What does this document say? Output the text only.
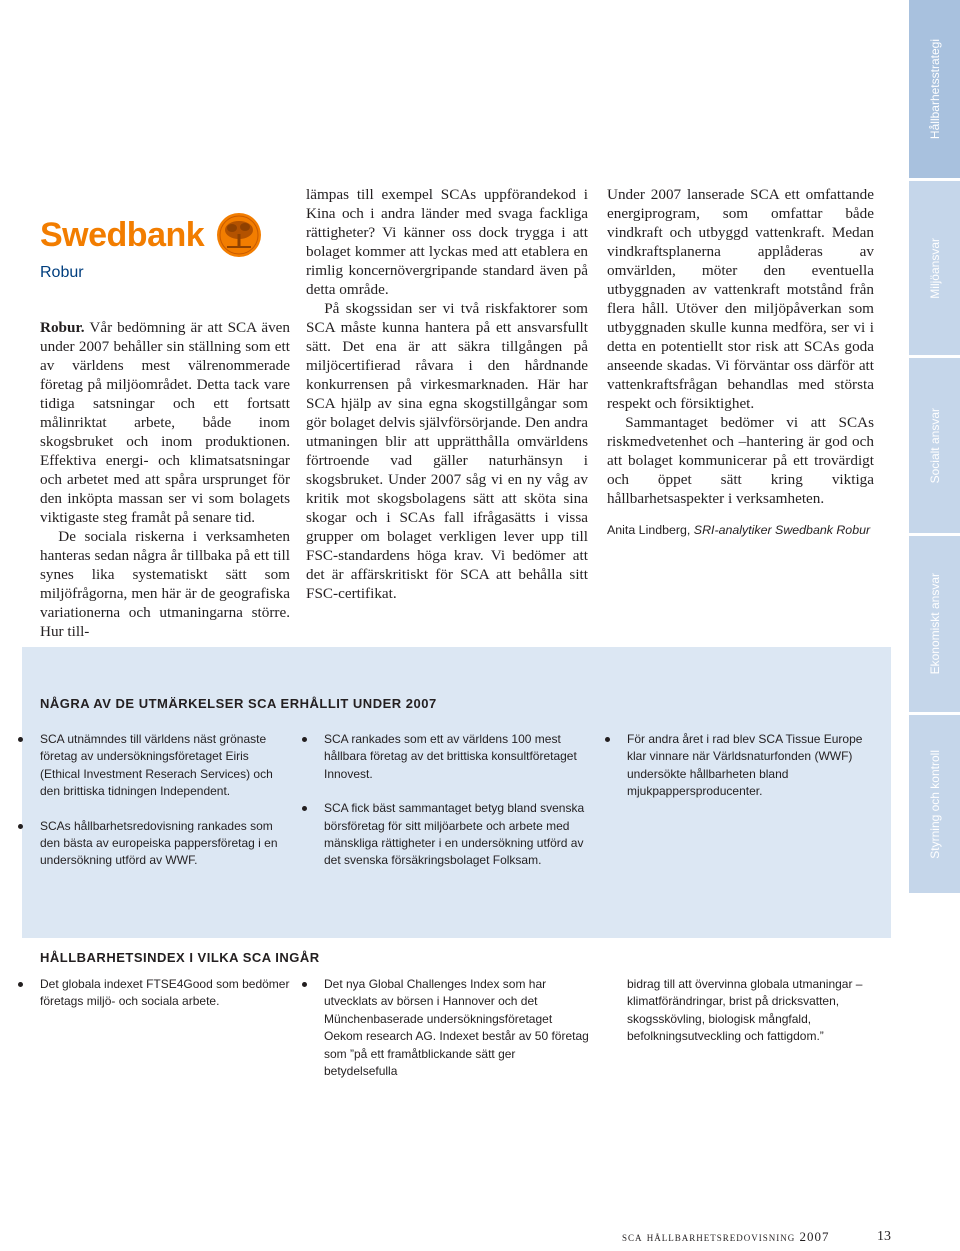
Hållbarhetsstrategi
Miljöansvar
Socialt ansvar
Ekonomiskt ansvar
Styrning och kontroll
Swedbank
Robur

Robur. Vår bedömning är att SCA även under 2007 behåller sin ställning som ett av världens mest välrenommerade företag på miljöområdet. Detta tack vare tidiga satsningar och ett fortsatt målinriktat arbete, både inom skogsbruket och inom produktionen. Effektiva energi- och klimatsatsningar och arbetet med att spåra ursprunget för den inköpta massan ser vi som bolagets viktigaste steg framåt på senare tid.

De sociala riskerna i verksamheten hanteras sedan några år tillbaka på ett till synes lika systematiskt sätt som miljöfrågorna, men här är de geografiska variationerna och utmaningarna större. Hur till-

lämpas till exempel SCAs uppförandekod i Kina och i andra länder med svaga fackliga rättigheter? Vi känner oss dock trygga i att bolaget kommer att lyckas med att etablera en rimlig koncernövergripande standard även på detta område.

På skogssidan ser vi två riskfaktorer som SCA måste kunna hantera på ett ansvarsfullt sätt. Det ena är att säkra tillgången på miljöcertifierad råvara i den hårdnande konkurrensen på virkesmarknaden. Här har SCA hjälp av sina egna skogstillgångar som gör bolaget delvis självförsörjande. Den andra utmaningen blir att upprätthålla omvärldens förtroende vad gäller naturhänsyn i skogsbruket. Under 2007 såg vi en ny våg av kritik mot skogsbolagens sätt att sköta sina skogar och i SCAs fall ifrågasätts i vissa grupper om bolaget verkligen lever upp till FSC-standardens höga krav. Vi bedömer att det är affärskritiskt för SCA att behålla sitt FSC-certifikat.

Under 2007 lanserade SCA ett omfattande energiprogram, som omfattar både vindkraft och utbyggd vattenkraft. Medan vindkraftsplanerna applåderas av omvärlden, möter den eventuella utbyggnaden av vattenkraft motstånd från flera håll. Utöver den miljöpåverkan som utbyggnaden skulle kunna medföra, ser vi i detta en potentiellt stor risk att SCAs goda anseende skadas. Vi förväntar oss därför att vattenkraftsfrågan behandlas med största respekt och försiktighet.

Sammantaget bedömer vi att SCAs riskmedvetenhet och –hantering är god och att bolaget kommunicerar på ett trovärdigt och öppet sätt kring viktiga hållbarhetsaspekter i verksamheten.

Anita Lindberg, SRI-analytiker Swedbank Robur

NÅGRA AV DE UTMÄRKELSER SCA ERHÅLLIT UNDER 2007
SCA utnämndes till världens näst grönaste företag av undersökningsföretaget Eiris (Ethical Investment Reserach Services) och den brittiska tidningen Independent.
SCAs hållbarhetsredovisning rankades som den bästa av europeiska pappersföretag i en undersökning utförd av WWF.
SCA rankades som ett av världens 100 mest hållbara företag av det brittiska konsultföretaget Innovest.
SCA fick bäst sammantaget betyg bland svenska börsföretag för sitt miljöarbete och arbete med mänskliga rättigheter i en undersökning utförd av det svenska försäkringsbolaget Folksam.
För andra året i rad blev SCA Tissue Europe klar vinnare när Världsnaturfonden (WWF) undersökte hållbarheten bland mjukpappersproducenter.
HÅLLBARHETSINDEX I VILKA SCA INGÅR
Det globala indexet FTSE4Good som bedömer företags miljö- och sociala arbete.
Det nya Global Challenges Index som har utvecklats av börsen i Hannover och det Münchenbaserade undersökningsföretaget Oekom research AG. Indexet består av 50 företag som ”på ett framåtblickande sätt ger betydelsefulla
bidrag till att övervinna globala utmaningar – klimatförändringar, brist på dricksvatten, skogsskövling, biologisk mångfald, befolkningsutveckling och fattigdom.”
sca hållbarhetsredovisning 2007	13
